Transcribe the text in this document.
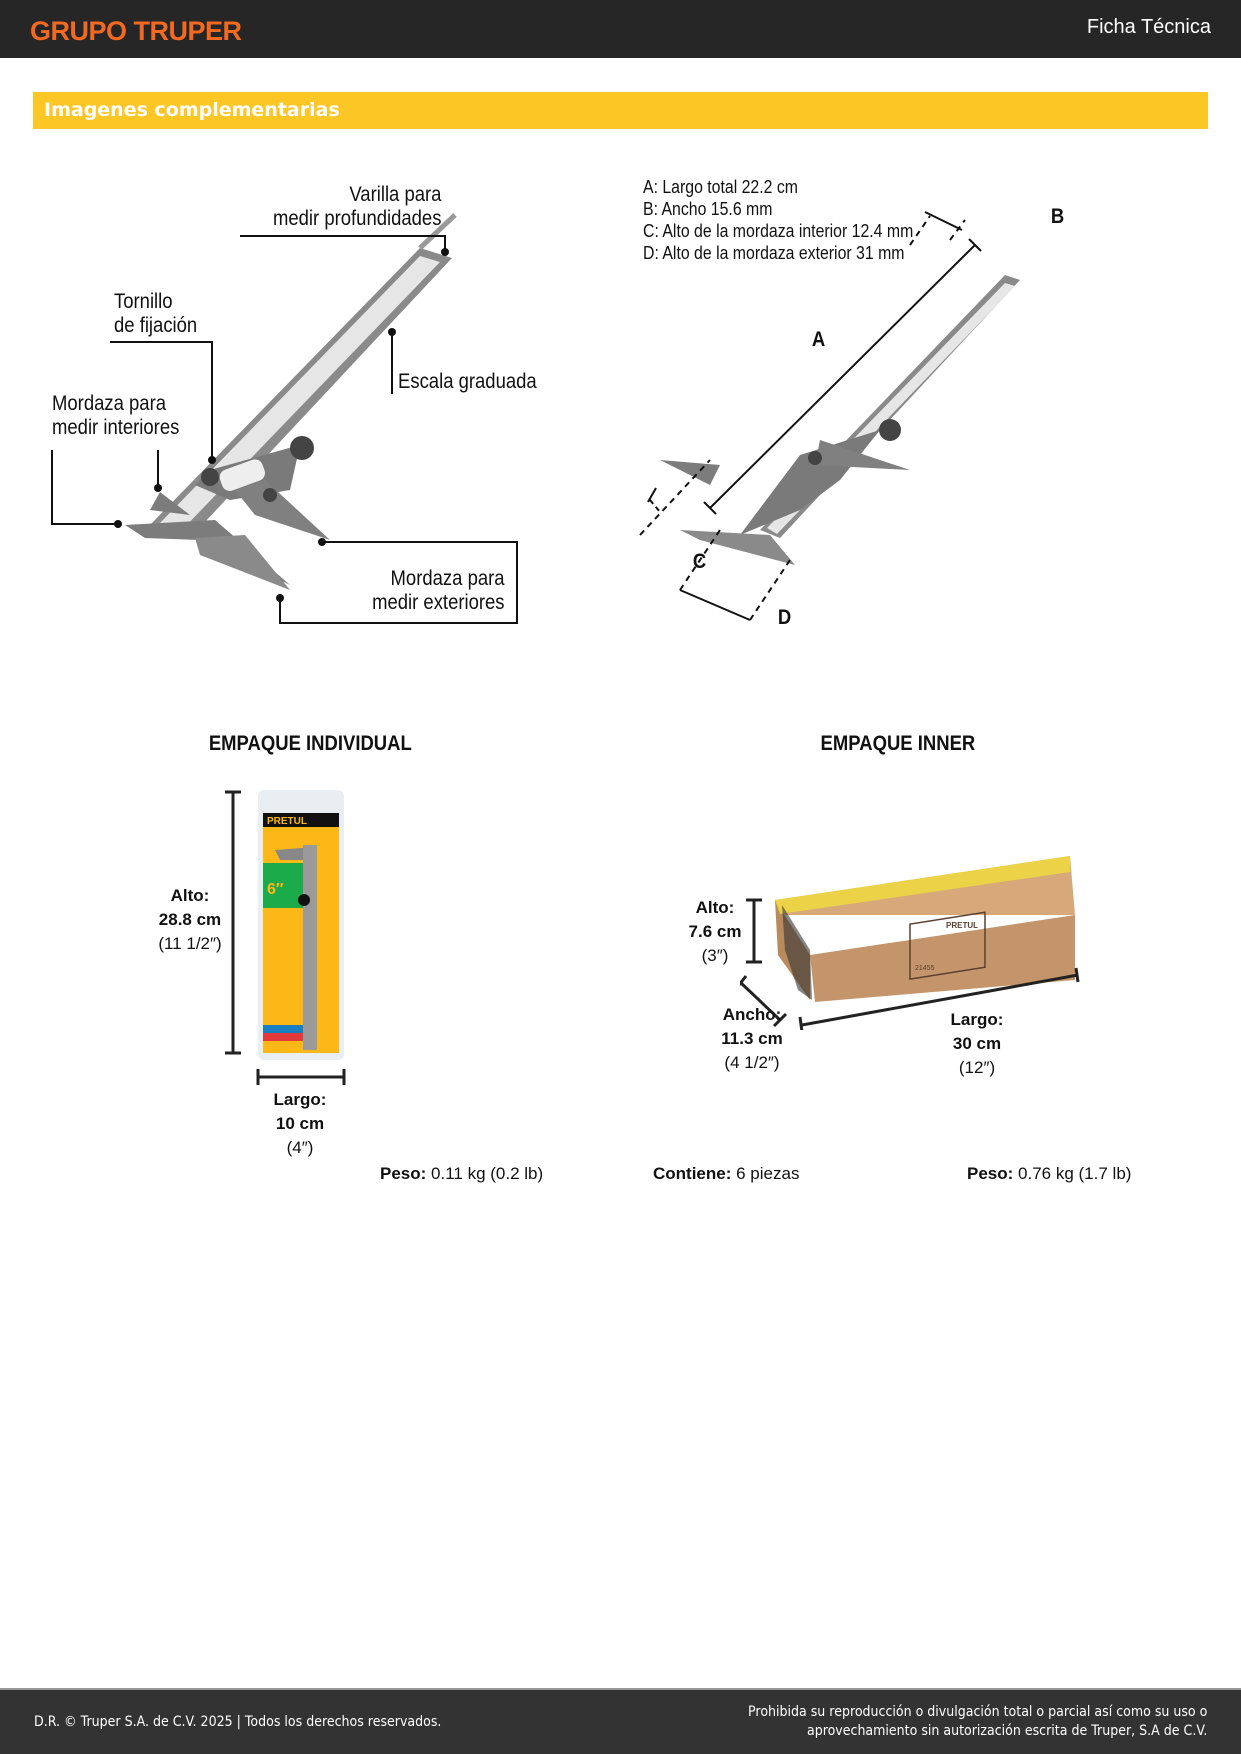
GRUPO TRUPER	Ficha Técnica
Imagenes complementarias
Varilla para
medir profundidades
Tornillo
de fijación
Mordaza para
medir interiores
Escala graduada
Mordaza para
medir exteriores
A: Largo total 22.2 cm
B: Ancho 15.6 mm
C: Alto de la mordaza interior 12.4 mm
D: Alto de la mordaza exterior 31 mm
A
B
C
D
EMPAQUE INDIVIDUAL
PRETUL
6″
Alto:
28.8 cm
(11 1/2″)
Largo:
10 cm
(4″)
Peso: 0.11 kg (0.2 lb)
EMPAQUE INNER
PRETUL
21455
Alto:
7.6 cm
(3″)
Ancho:
11.3 cm
(4 1/2″)
Largo:
30 cm
(12″)
Contiene: 6 piezas	Peso: 0.76 kg (1.7 lb)
D.R. © Truper S.A. de C.V. 2025 | Todos los derechos reservados.
Prohibida su reproducción o divulgación total o parcial así como su uso o
aprovechamiento sin autorización escrita de Truper, S.A de C.V.
